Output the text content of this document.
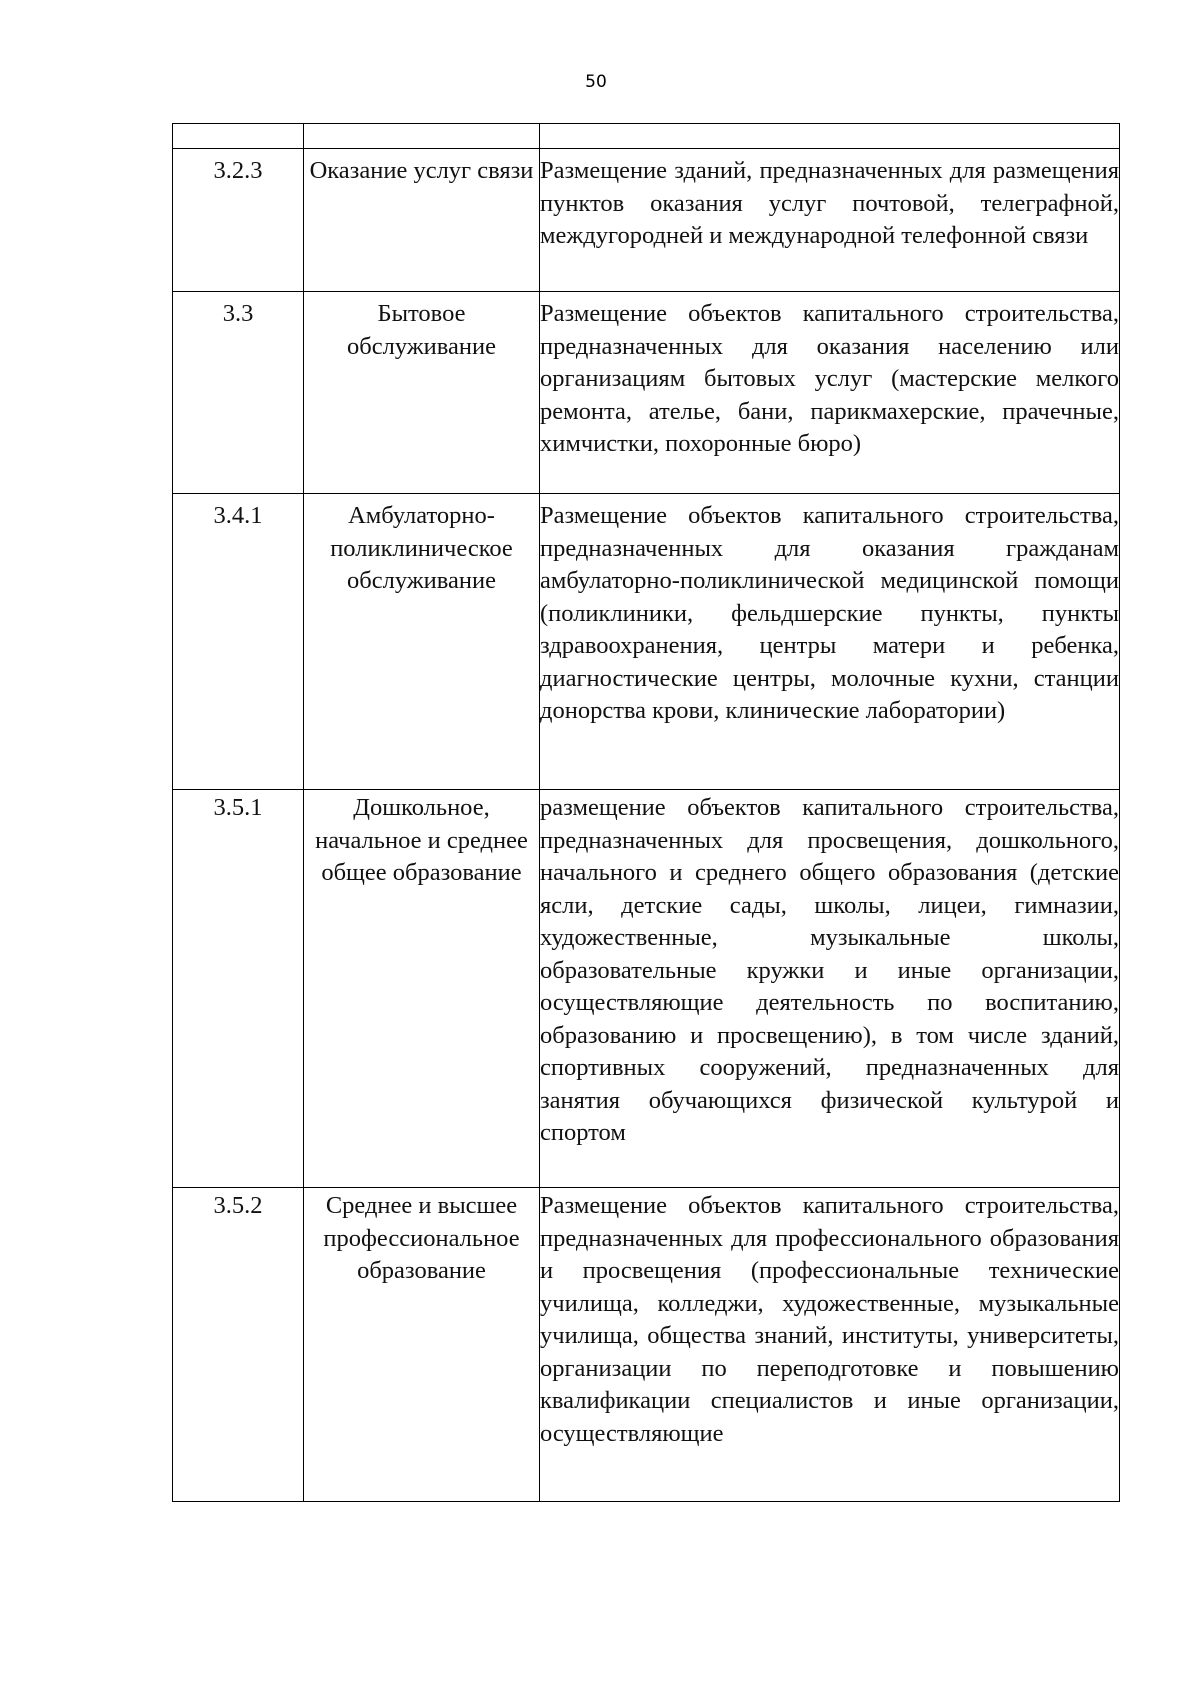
50

3.2.3	Оказание услуг связи	Размещение зданий, предназначенных для размещения пунктов оказания услуг почтовой, телеграфной, междугородней и международной телефонной связи
3.3	Бытовое обслуживание	Размещение объектов капитального строительства, предназначенных для оказания населению или организациям бытовых услуг (мастерские мелкого ремонта, ателье, бани, парикмахерские, прачечные, химчистки, похоронные бюро)
3.4.1	Амбулаторно-поликлиническое обслуживание	Размещение объектов капитального строительства, предназначенных для оказания гражданам амбулаторно-поликлинической медицинской помощи (поликлиники, фельдшерские пункты, пункты здравоохранения, центры матери и ребенка, диагностические центры, молочные кухни, станции донорства крови, клинические лаборатории)
3.5.1	Дошкольное, начальное и среднее общее образование	размещение объектов капитального строительства, предназначенных для просвещения, дошкольного, начального и среднего общего образования (детские ясли, детские сады, школы, лицеи, гимназии, художественные, музыкальные школы, образовательные кружки и иные организации, осуществляющие деятельность по воспитанию, образованию и просвещению), в том числе зданий, спортивных сооружений, предназначенных для занятия обучающихся физической культурой и спортом
3.5.2	Среднее и высшее профессиональное образование	Размещение объектов капитального строительства, предназначенных для профессионального образования и просвещения (профессиональные технические училища, колледжи, художественные, музыкальные училища, общества знаний, институты, университеты, организации по переподготовке и повышению квалификации специалистов и иные организации, осуществляющие
